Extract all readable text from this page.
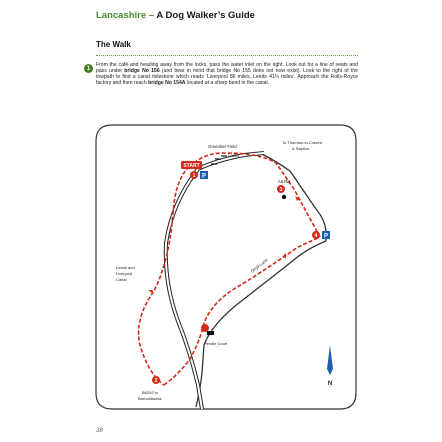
Lancashire – A Dog Walker’s Guide
The Walk
1
From the café and heading away from the locks, pass the water inlet on the right. Look out for a line of seats and pass under bridge No 156 (and bear in mind that bridge No 155 does not now exist). Look to the right of the towpath to find a canal milestone which reads ‘Liverpool 86 miles, Leeds 41¼ miles’. Approach the Rolls-Royce factory and then reach bridge No 154A located at a sharp bend in the canal.
START
1 P
4 P
3
2
Greenber Field
Locks
To Thornton-in-Craven
& Skipton
A6252
Ghyll Lane
Leeds and
Liverpool
Canal
Pendle Court
B6252 to
Barnoldswick
N
38
